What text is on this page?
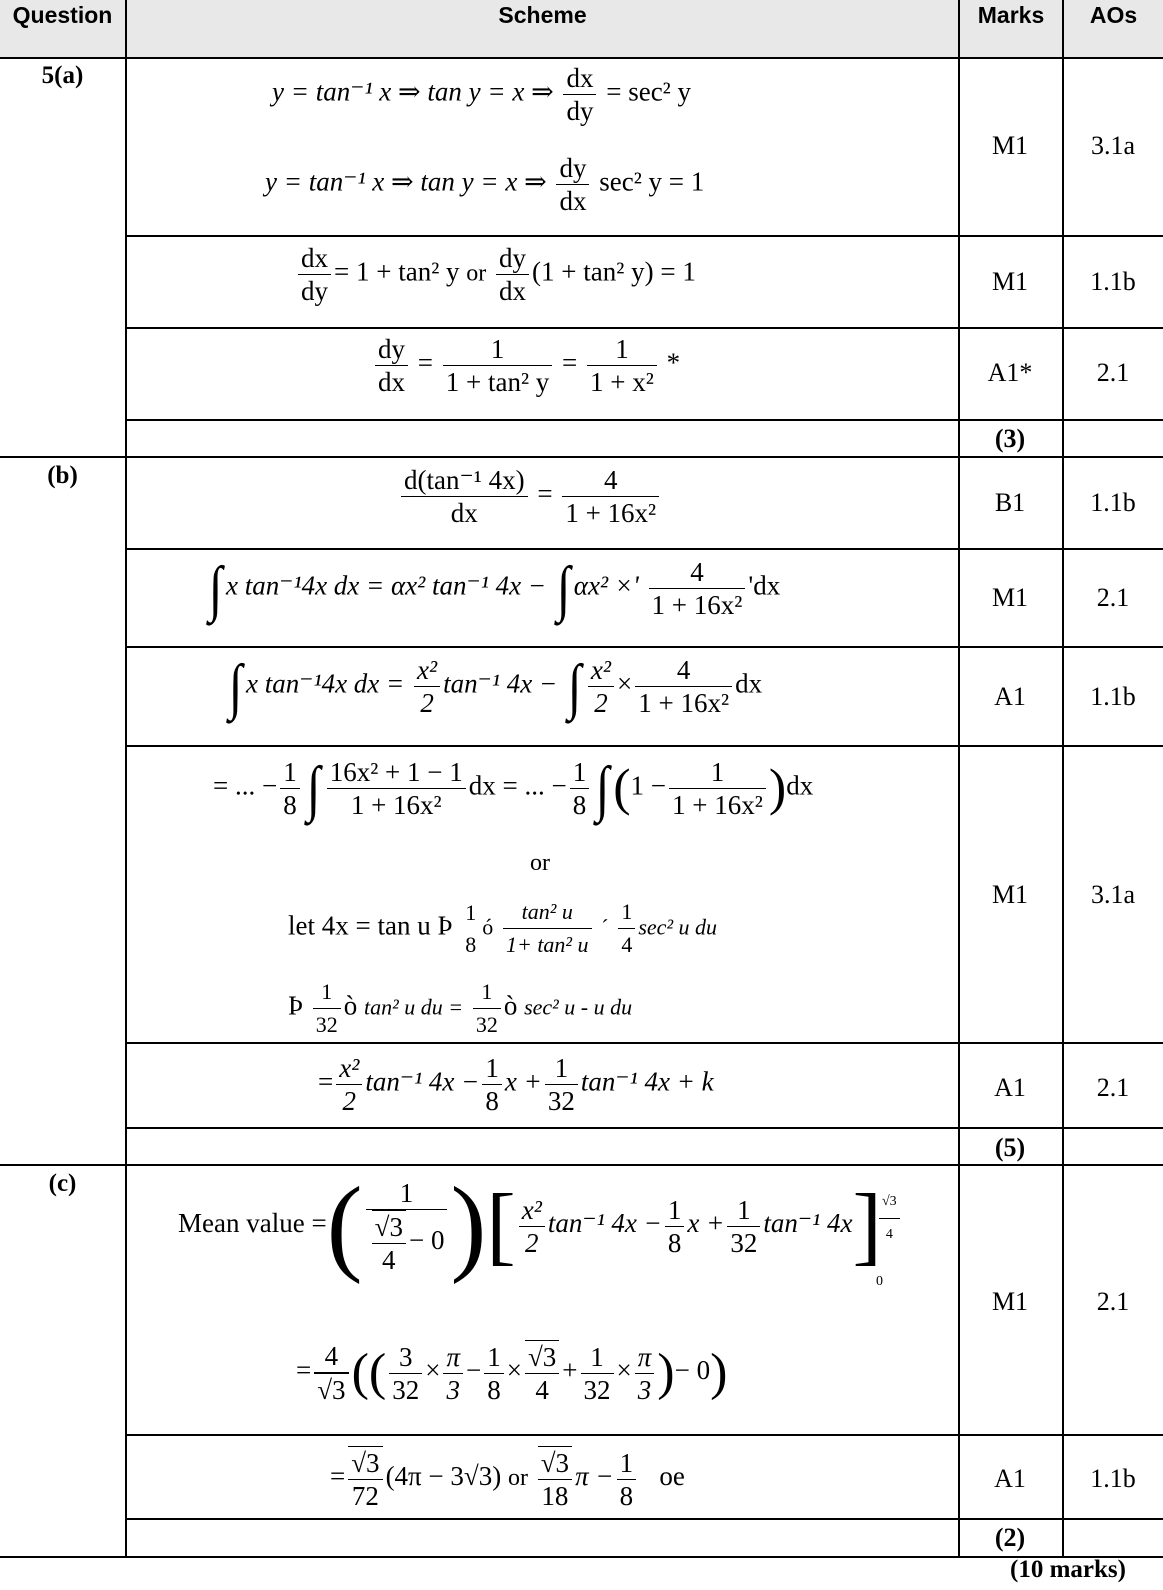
Question	Scheme	Marks	AOs
5(a)
y = tan⁻¹ x ⇒ tan y = x ⇒ $\frac{dx}{dy} = \sec^2$ y
y = tan⁻¹ x ⇒ tan y = x ⇒ $\frac{dy}{dx} \sec^2$ y = 1
M1	3.1a
$\frac{dx}{dy} = 1 + \tan^2$ y or $\frac{dy}{dx} (1 + \tan^2$ y) = 1	M1	1.1b
$\frac{dy}{dx} = \frac{1}{\text{1 + tan² y}} = \frac{1}{\text{1 + x²}}$ *	A1*	2.1
(3)
(b)	$\frac{\text{d(tan⁻¹ 4x)}}{dx} = \frac{4}{\text{1 + 16x²}}$	B1	1.1b
∫ x tan⁻¹4x dx = αx² tan⁻¹ 4x − ∫ αx² ×' $\frac{4}{\text{1 + 16x²}}$ 'dx	M1	2.1
∫ x tan⁻¹4x dx = $\frac{\text{x²}}{2} \tan^{-1}$ 4x − ∫ $\frac{\text{x²}}{2} \times \frac{4}{\text{1 + 16x²}}$ dx	A1	1.1b
= ... − $\frac{1}{8}$ ∫ $\frac{\text{16x² + 1 − 1}}{\text{1 + 16x²}}$ dx = ... − $\frac{1}{8} \int(1 - \frac{1}{\text{1 + 16x²}} )dx$
or
let 4x = tan u Þ 1
8
ó $\frac{\text{tan² u}}{\text{1+ tan² u}}$ ´ $\frac{1}{4} \sec^2$ u du
Þ $\frac{1}{32}$ ò tan² u du = $\frac{1}{32}$ ò sec² u - u du
M1	3.1a
= $\frac{\text{x²}}{2} \tan^{-1}$ $4x - \frac{1}{8}$ $x + \frac{1}{32} \tan^{-1}$ 4x + k	A1	2.1
(5)
(c)
Mean value =( $\frac{1}{\frac{√3}{4} - 0}$ )[ $\frac{\text{x²}}{2} \tan^{-1}$ $4x - \frac{1}{8}$ $x + \frac{1}{32} \tan^{-1}$ 4x]
$\frac{√3}{4}$
0
= $\frac{4}{√3}$ (( $\frac{3}{32} \times \frac{\pi}{3} - \frac{1}{8} \times \frac{√3}{4} + \frac{1}{32} \times \frac{\pi}{3}$ )− 0)
M1	2.1
= $\frac{√3}{72} (4\pi - 3√3)$ or $\frac{√3}{18}$ $\pi - \frac{1}{8}$ oe	A1	1.1b
(2)
(10 marks)
